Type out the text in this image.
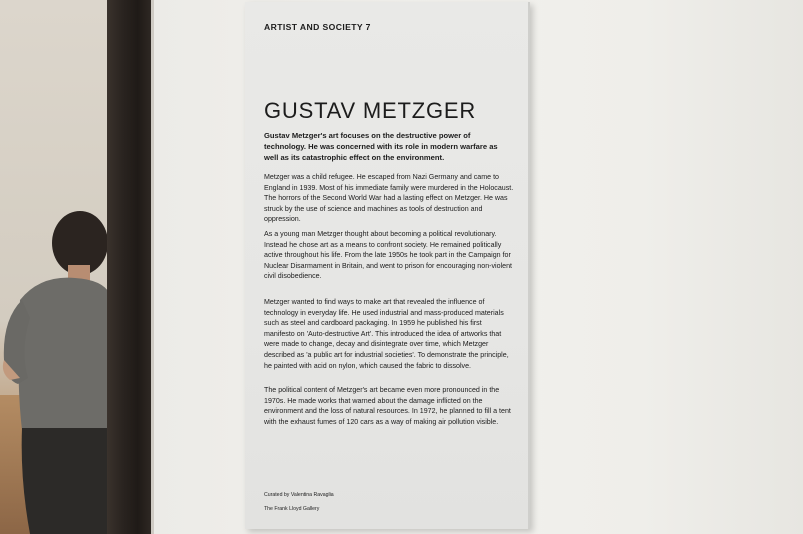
ARTIST AND SOCIETY 7

GUSTAV METZGER

Gustav Metzger's art focuses on the destructive power of technology. He was concerned with its role in modern warfare as well as its catastrophic effect on the environment.

Metzger was a child refugee. He escaped from Nazi Germany and came to England in 1939. Most of his immediate family were murdered in the Holocaust. The horrors of the Second World War had a lasting effect on Metzger. He was struck by the use of science and machines as tools of destruction and oppression.

As a young man Metzger thought about becoming a political revolutionary. Instead he chose art as a means to confront society. He remained politically active throughout his life. From the late 1950s he took part in the Campaign for Nuclear Disarmament in Britain, and went to prison for encouraging non-violent civil disobedience.

Metzger wanted to find ways to make art that revealed the influence of technology in everyday life. He used industrial and mass-produced materials such as steel and cardboard packaging. In 1959 he published his first manifesto on 'Auto-destructive Art'. This introduced the idea of artworks that were made to change, decay and disintegrate over time, which Metzger described as 'a public art for industrial societies'. To demonstrate the principle, he painted with acid on nylon, which caused the fabric to dissolve.

The political content of Metzger's art became even more pronounced in the 1970s. He made works that warned about the damage inflicted on the environment and the loss of natural resources. In 1972, he planned to fill a tent with the exhaust fumes of 120 cars as a way of making air pollution visible.

Curated by Valentina Ravaglia

The Frank Lloyd Gallery
